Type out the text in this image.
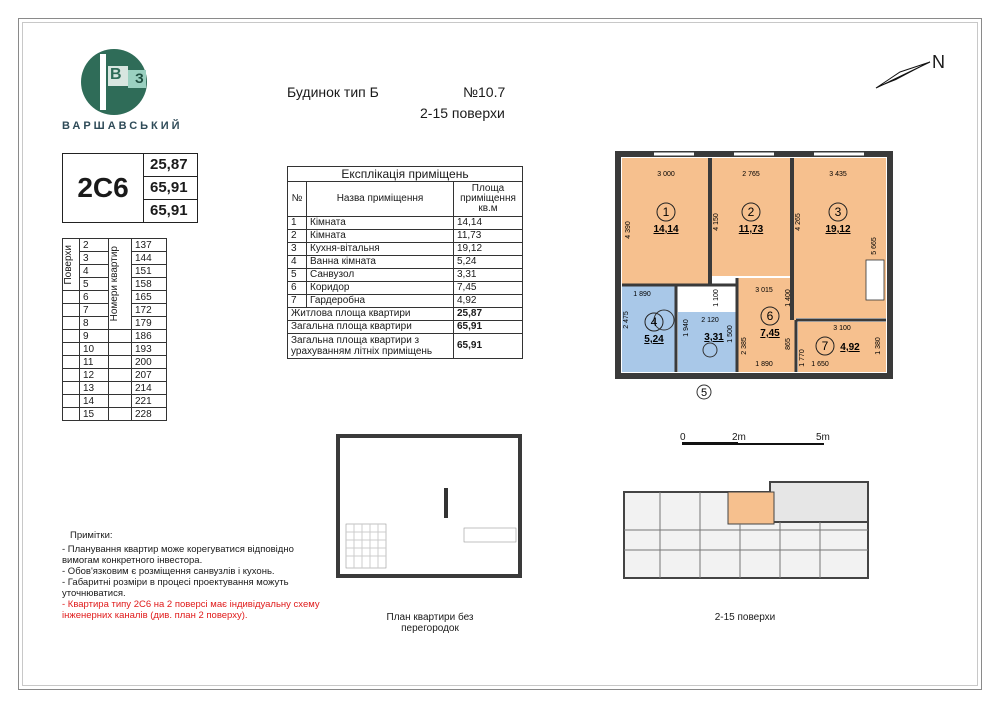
В З
ВАРШАВСЬКИЙ
Будинок тип Б	№10.7
2-15 поверхи
N
2С6
25,87
65,91
65,91
Поверхи	2	Номери квартир	137
	3		144
	4		151
	5		158
	6		165
	7		172
	8		179
	9		186
	10		193
	11		200
	12		207
	13		214
	14		221
	15		228
Експлікація приміщень		
№	Назва приміщення	Площа приміщення кв.м
1	Кімната	14,14
2	Кімната	11,73
3	Кухня-вітальня	19,12
4	Ванна кімната	5,24
5	Санвузол	3,31
6	Коридор	7,45
7	Гардеробна	4,92
Житлова площа квартири		25,87
Загальна площа квартири		65,91
Загальна площа квартири з урахуванням літніх приміщень		65,91
1	2	3
4	6
7
14,14	11,73	19,12
5,24	3,31	7,45
4,92
3 000	2 765	3 435
4 390	4 150	4 265
5 665
1 890
3 015
1 100	1 400
2 475	1 940 2 120
1 500
2 385	865
1 890
3 100
1 770
1 380
1 650
5
План квартири без перегородок
0	2m	5m
2-15 поверхи
Примітки:
- Планування квартир може корегуватися відповідно вимогам конкретного інвестора.
- Обов'язковим є розміщення санвузлів і кухонь.
- Габаритні розміри в процесі проектування можуть уточнюватися.
- Квартира типу 2С6 на 2 поверсі має індивідуальну схему інженерних каналів (див. план 2 поверху).
